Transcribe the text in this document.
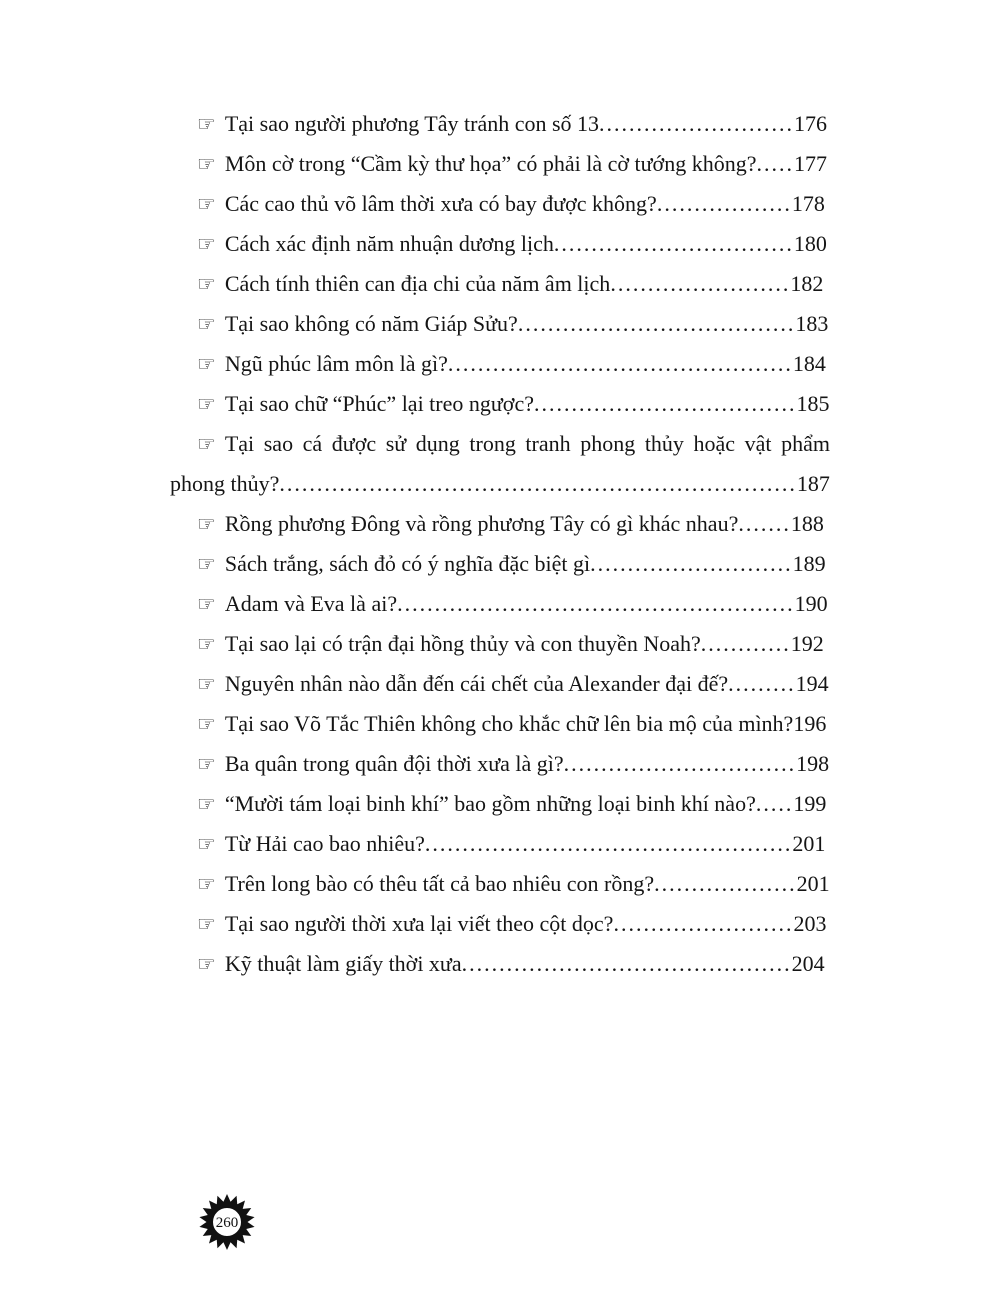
☞ Tại sao người phương Tây tránh con số 13..........................176
☞ Môn cờ trong “Cầm kỳ thư họa” có phải là cờ tướng không?.....177
☞ Các cao thủ võ lâm thời xưa có bay được không?..................178
☞ Cách xác định năm nhuận dương lịch................................180
☞ Cách tính thiên can địa chi của năm âm lịch........................182
☞ Tại sao không có năm Giáp Sửu?.....................................183
☞ Ngũ phúc lâm môn là gì?..............................................184
☞ Tại sao chữ “Phúc” lại treo ngược?...................................185
☞ Tại sao cá được sử dụng trong tranh phong thủy hoặc vật phẩm phong thủy?.....................................................................187
☞ Rồng phương Đông và rồng phương Tây có gì khác nhau?.......188
☞ Sách trắng, sách đỏ có ý nghĩa đặc biệt gì...........................189
☞ Adam và Eva là ai?.....................................................190
☞ Tại sao lại có trận đại hồng thủy và con thuyền Noah?............192
☞ Nguyên nhân nào dẫn đến cái chết của Alexander đại đế?.........194
☞ Tại sao Võ Tắc Thiên không cho khắc chữ lên bia mộ của mình?196
☞ Ba quân trong quân đội thời xưa là gì?...............................198
☞ “Mười tám loại binh khí” bao gồm những loại binh khí nào?.....199
☞ Từ Hải cao bao nhiêu?.................................................201
☞ Trên long bào có thêu tất cả bao nhiêu con rồng?...................201
☞ Tại sao người thời xưa lại viết theo cột dọc?........................203
☞ Kỹ thuật làm giấy thời xưa............................................204
260
